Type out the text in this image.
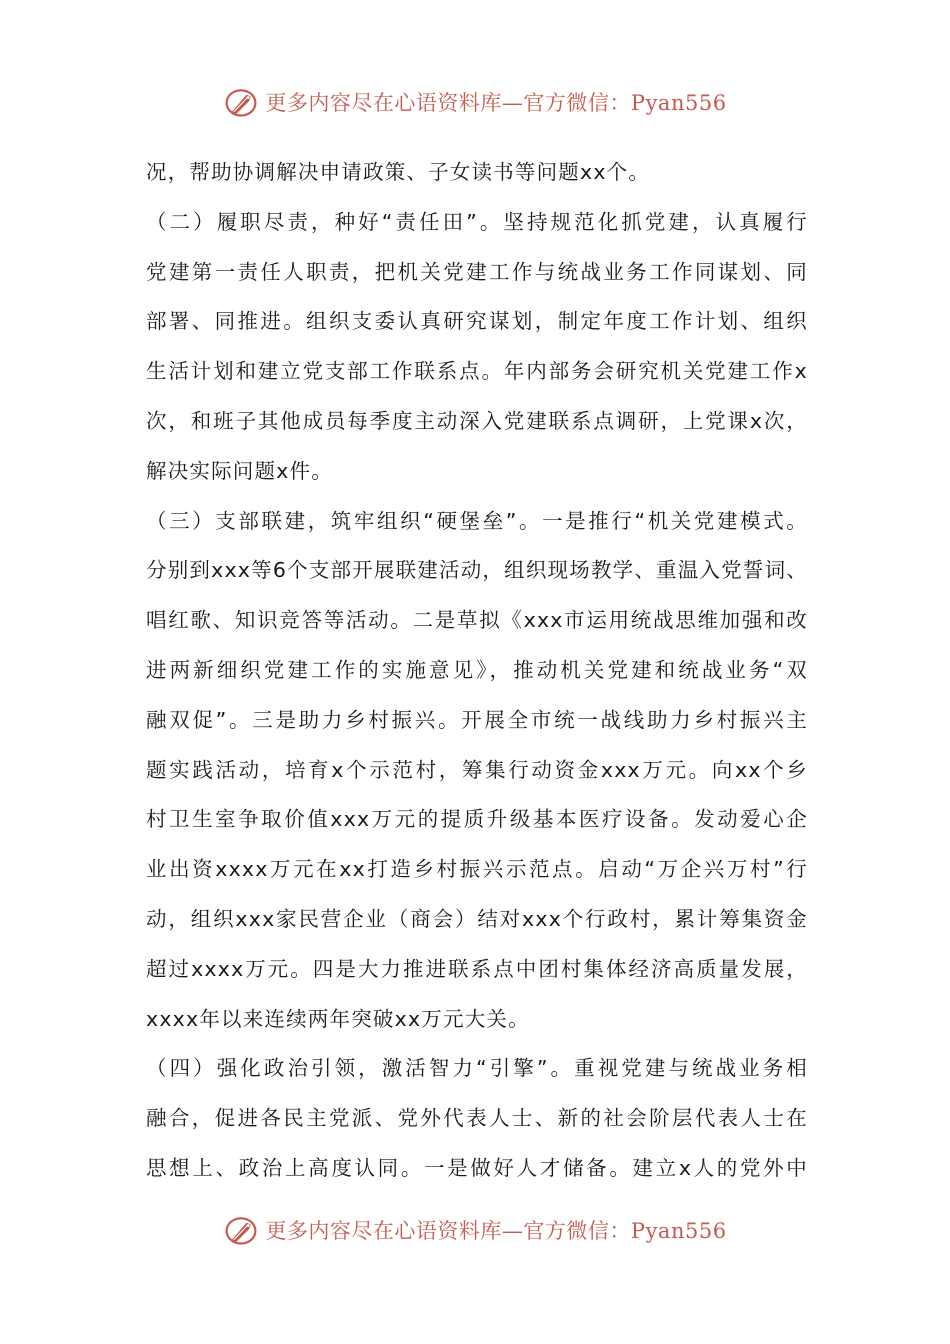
更多内容尽在心语资料库—官方微信：Pyan556
况，帮助协调解决申请政策、子女读书等问题xx个。
（二）履职尽责，种好“责任田”。坚持规范化抓党建，认真履行
党建第一责任人职责，把机关党建工作与统战业务工作同谋划、同
部署、同推进。组织支委认真研究谋划，制定年度工作计划、组织
生活计划和建立党支部工作联系点。年内部务会研究机关党建工作x
次，和班子其他成员每季度主动深入党建联系点调研，上党课x次，
解决实际问题x件。
（三）支部联建，筑牢组织“硬堡垒”。一是推行“机关党建模式。
分别到xxx等6个支部开展联建活动，组织现场教学、重温入党誓词、
唱红歌、知识竞答等活动。二是草拟《xxx市运用统战思维加强和改
进两新细织党建工作的实施意见》，推动机关党建和统战业务“双
融双促”。三是助力乡村振兴。开展全市统一战线助力乡村振兴主
题实践活动，培育x个示范村，筹集行动资金xxx万元。向xx个乡
村卫生室争取价值xxx万元的提质升级基本医疗设备。发动爱心企
业出资xxxx万元在xx打造乡村振兴示范点。启动“万企兴万村”行
动，组织xxx家民营企业（商会）结对xxx个行政村，累计筹集资金
超过xxxx万元。四是大力推进联系点中团村集体经济高质量发展，
xxxx年以来连续两年突破xx万元大关。
（四）强化政治引领，激活智力“引擎”。重视党建与统战业务相
融合，促进各民主党派、党外代表人士、新的社会阶层代表人士在
思想上、政治上高度认同。一是做好人才储备。建立x人的党外中
更多内容尽在心语资料库—官方微信：Pyan556
